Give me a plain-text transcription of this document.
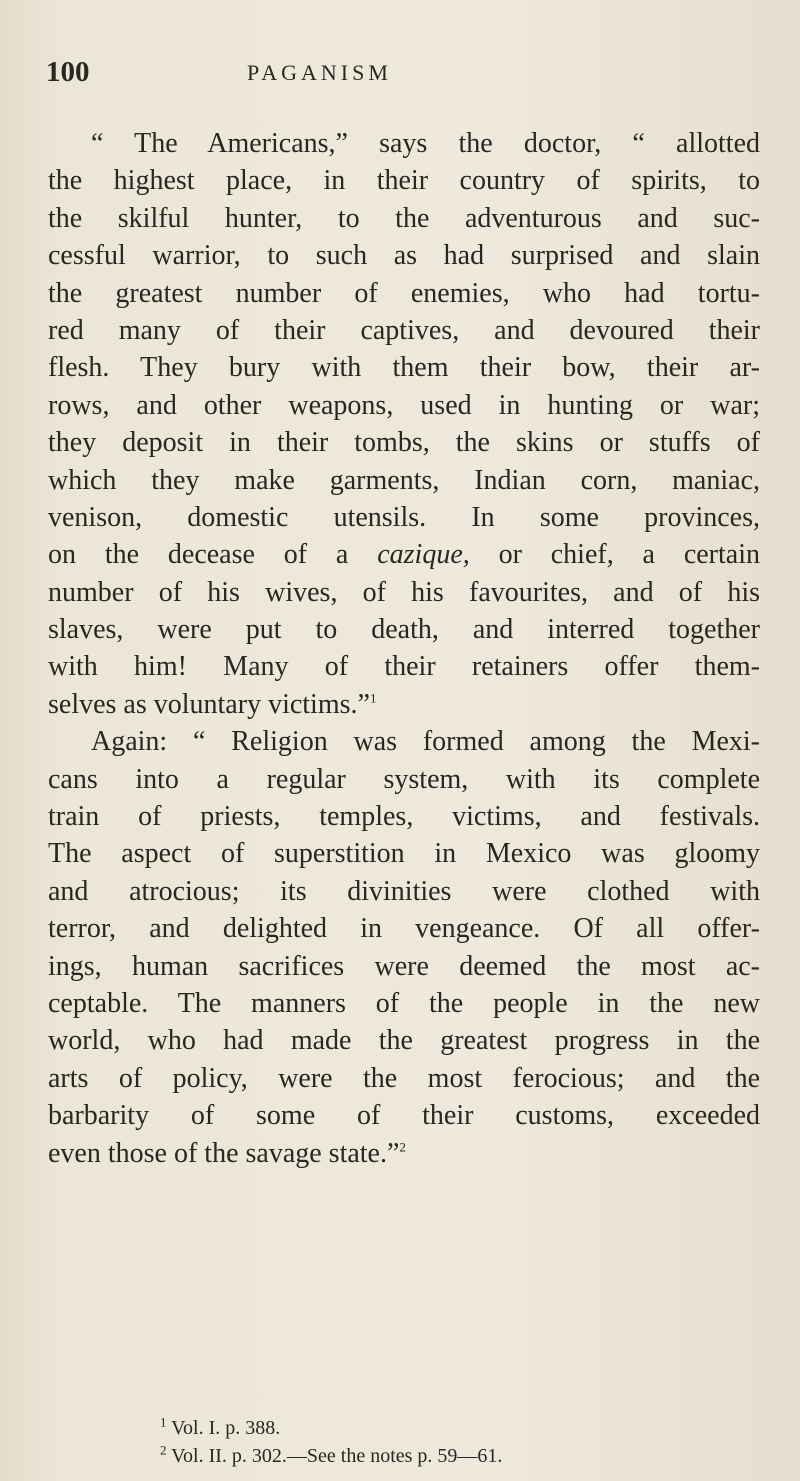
100	PAGANISM
“ The Americans,” says the doctor, “ allotted
the highest place, in their country of spirits, to
the skilful hunter, to the adventurous and suc-
cessful warrior, to such as had surprised and slain
the greatest number of enemies, who had tortu-
red many of their captives, and devoured their
flesh. They bury with them their bow, their ar-
rows, and other weapons, used in hunting or war;
they deposit in their tombs, the skins or stuffs of
which they make garments, Indian corn, maniac,
venison, domestic utensils. In some provinces,
on the decease of a cazique, or chief, a certain
number of his wives, of his favourites, and of his
slaves, were put to death, and interred together
with him! Many of their retainers offer them-
selves as voluntary victims.”$^1$
Again: “ Religion was formed among the Mexi-
cans into a regular system, with its complete
train of priests, temples, victims, and festivals.
The aspect of superstition in Mexico was gloomy
and atrocious; its divinities were clothed with
terror, and delighted in vengeance. Of all offer-
ings, human sacrifices were deemed the most ac-
ceptable. The manners of the people in the new
world, who had made the greatest progress in the
arts of policy, were the most ferocious; and the
barbarity of some of their customs, exceeded
even those of the savage state.”$^2$
$^1$ Vol. I. p. 388.
$^2$ Vol. II. p. 302.—See the notes p. 59—61.
